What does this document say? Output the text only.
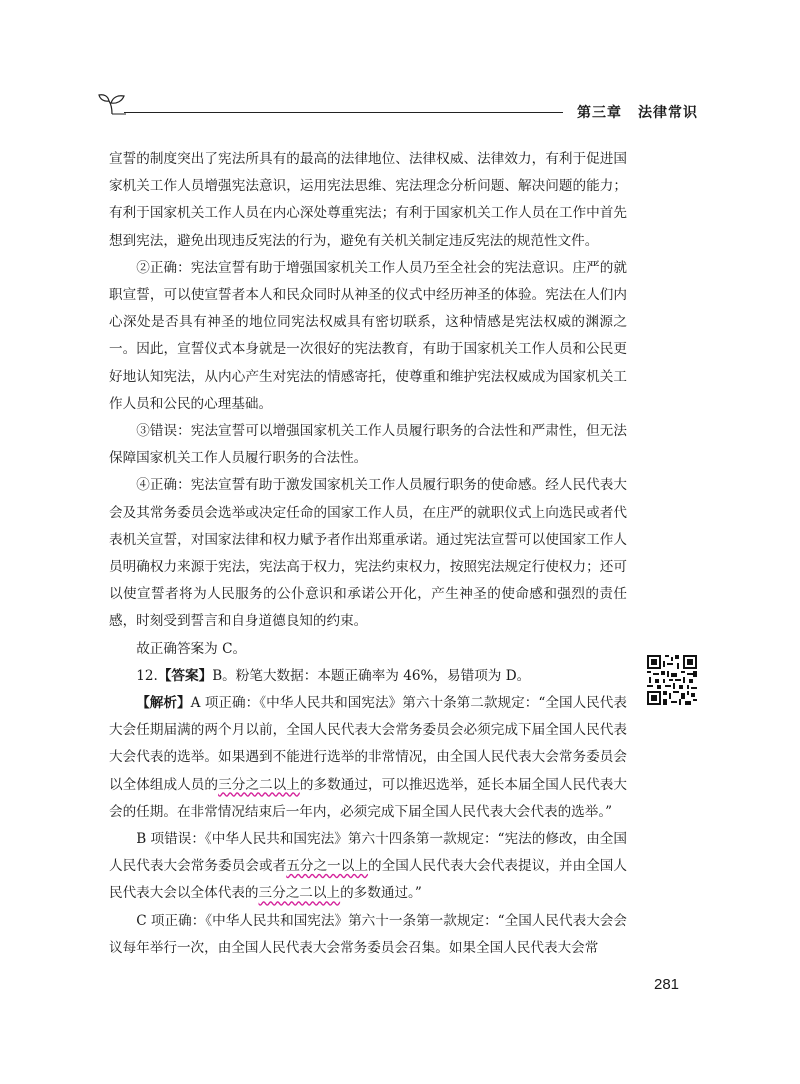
第三章 法律常识

宣誓的制度突出了宪法所具有的最高的法律地位、法律权威、法律效力，有利于促进国家机关工作人员增强宪法意识，运用宪法思维、宪法理念分析问题、解决问题的能力；有利于国家机关工作人员在内心深处尊重宪法；有利于国家机关工作人员在工作中首先想到宪法，避免出现违反宪法的行为，避免有关机关制定违反宪法的规范性文件。

②正确：宪法宣誓有助于增强国家机关工作人员乃至全社会的宪法意识。庄严的就职宣誓，可以使宣誓者本人和民众同时从神圣的仪式中经历神圣的体验。宪法在人们内心深处是否具有神圣的地位同宪法权威具有密切联系，这种情感是宪法权威的渊源之一。因此，宣誓仪式本身就是一次很好的宪法教育，有助于国家机关工作人员和公民更好地认知宪法，从内心产生对宪法的情感寄托，使尊重和维护宪法权威成为国家机关工作人员和公民的心理基础。

③错误：宪法宣誓可以增强国家机关工作人员履行职务的合法性和严肃性，但无法保障国家机关工作人员履行职务的合法性。

④正确：宪法宣誓有助于激发国家机关工作人员履行职务的使命感。经人民代表大会及其常务委员会选举或决定任命的国家工作人员，在庄严的就职仪式上向选民或者代表机关宣誓，对国家法律和权力赋予者作出郑重承诺。通过宪法宣誓可以使国家工作人员明确权力来源于宪法，宪法高于权力，宪法约束权力，按照宪法规定行使权力；还可以使宣誓者将为人民服务的公仆意识和承诺公开化，产生神圣的使命感和强烈的责任感，时刻受到誓言和自身道德良知的约束。

故正确答案为 C。

12.【答案】B。粉笔大数据：本题正确率为 46%，易错项为 D。

【解析】A 项正确：《中华人民共和国宪法》第六十条第二款规定：“全国人民代表大会任期届满的两个月以前，全国人民代表大会常务委员会必须完成下届全国人民代表大会代表的选举。如果遇到不能进行选举的非常情况，由全国人民代表大会常务委员会以全体组成人员的三分之二以上的多数通过，可以推迟选举，延长本届全国人民代表大会的任期。在非常情况结束后一年内，必须完成下届全国人民代表大会代表的选举。”

B 项错误：《中华人民共和国宪法》第六十四条第一款规定：“宪法的修改，由全国人民代表大会常务委员会或者五分之一以上的全国人民代表大会代表提议，并由全国人民代表大会以全体代表的三分之二以上的多数通过。”

C 项正确：《中华人民共和国宪法》第六十一条第一款规定：“全国人民代表大会会议每年举行一次，由全国人民代表大会常务委员会召集。如果全国人民代表大会常

281
